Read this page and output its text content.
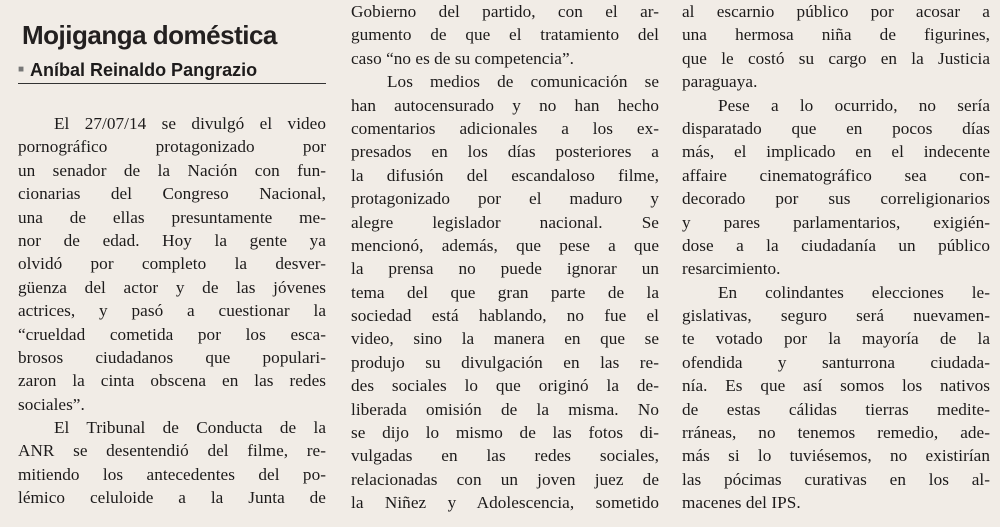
Mojiganga doméstica
■ Aníbal Reinaldo Pangrazio
El 27/07/14 se divulgó el video
pornográfico protagonizado por
un senador de la Nación con fun-
cionarias del Congreso Nacional,
una de ellas presuntamente me-
nor de edad. Hoy la gente ya
olvidó por completo la desver-
güenza del actor y de las jóvenes
actrices, y pasó a cuestionar la
“crueldad cometida por los esca-
brosos ciudadanos que populari-
zaron la cinta obscena en las redes
sociales”.
El Tribunal de Conducta de la
ANR se desentendió del filme, re-
mitiendo los antecedentes del po-
lémico celuloide a la Junta de
Gobierno del partido, con el ar-
gumento de que el tratamiento del
caso “no es de su competencia”.
Los medios de comunicación se
han autocensurado y no han hecho
comentarios adicionales a los ex-
presados en los días posteriores a
la difusión del escandaloso filme,
protagonizado por el maduro y
alegre legislador nacional. Se
mencionó, además, que pese a que
la prensa no puede ignorar un
tema del que gran parte de la
sociedad está hablando, no fue el
video, sino la manera en que se
produjo su divulgación en las re-
des sociales lo que originó la de-
liberada omisión de la misma. No
se dijo lo mismo de las fotos di-
vulgadas en las redes sociales,
relacionadas con un joven juez de
la Niñez y Adolescencia, sometido
al escarnio público por acosar a
una hermosa niña de figurines,
que le costó su cargo en la Justicia
paraguaya.
Pese a lo ocurrido, no sería
disparatado que en pocos días
más, el implicado en el indecente
affaire cinematográfico sea con-
decorado por sus correligionarios
y pares parlamentarios, exigién-
dose a la ciudadanía un público
resarcimiento.
En colindantes elecciones le-
gislativas, seguro será nuevamen-
te votado por la mayoría de la
ofendida y santurrona ciudada-
nía. Es que así somos los nativos
de estas cálidas tierras medite-
rráneas, no tenemos remedio, ade-
más si lo tuviésemos, no existirían
las pócimas curativas en los al-
macenes del IPS.
